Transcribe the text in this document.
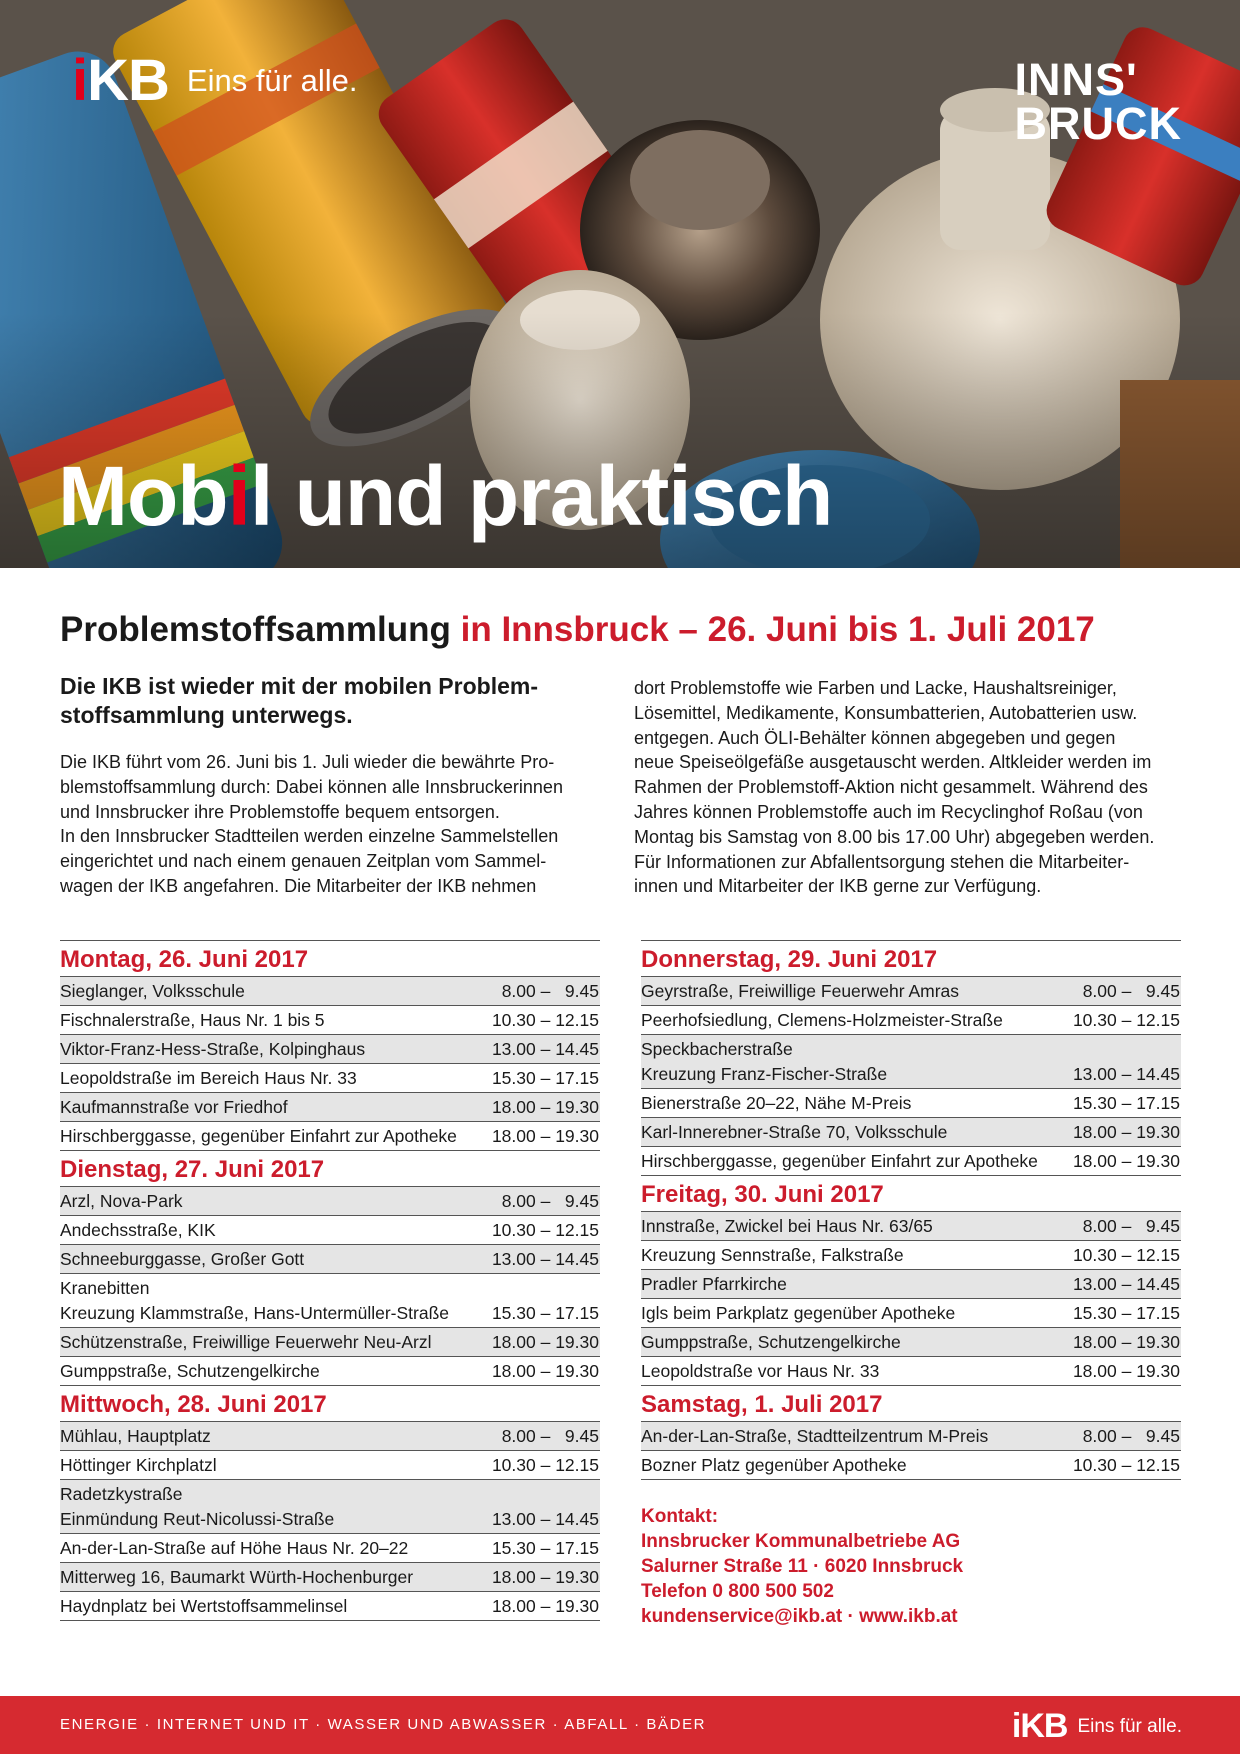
iKB Eins für alle.	INNS'
BRUCK
Mobil und praktisch
Problemstoffsammlung in Innsbruck – 26. Juni bis 1. Juli 2017

Die IKB ist wieder mit der mobilen Problem-
stoffsammlung unterwegs.

Die IKB führt vom 26. Juni bis 1. Juli wieder die bewährte Pro-
blemstoffsammlung durch: Dabei können alle Innsbruckerinnen
und Innsbrucker ihre Problemstoffe bequem entsorgen.
In den Innsbrucker Stadtteilen werden einzelne Sammelstellen
eingerichtet und nach einem genauen Zeitplan vom Sammel-
wagen der IKB angefahren. Die Mitarbeiter der IKB nehmen

dort Problemstoffe wie Farben und Lacke, Haushaltsreiniger,
Lösemittel, Medikamente, Konsumbatterien, Autobatterien usw.
entgegen. Auch ÖLI-Behälter können abgegeben und gegen
neue Speiseölgefäße ausgetauscht werden. Altkleider werden im
Rahmen der Problemstoff-Aktion nicht gesammelt. Während des
Jahres können Problemstoffe auch im Recyclinghof Roßau (von
Montag bis Samstag von 8.00 bis 17.00 Uhr) abgegeben werden.
Für Informationen zur Abfallentsorgung stehen die Mitarbeiter-
innen und Mitarbeiter der IKB gerne zur Verfügung.

Montag, 26. Juni 2017
Sieglanger, Volksschule	8.00 –   9.45
Fischnalerstraße, Haus Nr. 1 bis 5	10.30 – 12.15
Viktor-Franz-Hess-Straße, Kolpinghaus	13.00 – 14.45
Leopoldstraße im Bereich Haus Nr. 33	15.30 – 17.15
Kaufmannstraße vor Friedhof	18.00 – 19.30
Hirschberggasse, gegenüber Einfahrt zur Apotheke 18.00 – 19.30
Dienstag, 27. Juni 2017
Arzl, Nova-Park	8.00 –   9.45
Andechsstraße, KIK	10.30 – 12.15
Schneeburggasse, Großer Gott	13.00 – 14.45
Kranebitten
Kreuzung Klammstraße, Hans-Untermüller-Straße 15.30 – 17.15
Schützenstraße, Freiwillige Feuerwehr Neu-Arzl	18.00 – 19.30
Gumppstraße, Schutzengelkirche	18.00 – 19.30
Mittwoch, 28. Juni 2017
Mühlau, Hauptplatz	8.00 –   9.45
Höttinger Kirchplatzl	10.30 – 12.15
Radetzkystraße
Einmündung Reut-Nicolussi-Straße	13.00 – 14.45
An-der-Lan-Straße auf Höhe Haus Nr. 20–22	15.30 – 17.15
Mitterweg 16, Baumarkt Würth-Hochenburger	18.00 – 19.30
Haydnplatz bei Wertstoffsammelinsel	18.00 – 19.30
Donnerstag, 29. Juni 2017
Geyrstraße, Freiwillige Feuerwehr Amras	8.00 –   9.45
Peerhofsiedlung, Clemens-Holzmeister-Straße	10.30 – 12.15
Speckbacherstraße
Kreuzung Franz-Fischer-Straße	13.00 – 14.45
Bienerstraße 20–22, Nähe M-Preis	15.30 – 17.15
Karl-Innerebner-Straße 70, Volksschule	18.00 – 19.30
Hirschberggasse, gegenüber Einfahrt zur Apotheke 18.00 – 19.30
Freitag, 30. Juni 2017
Innstraße, Zwickel bei Haus Nr. 63/65	8.00 –   9.45
Kreuzung Sennstraße, Falkstraße	10.30 – 12.15
Pradler Pfarrkirche	13.00 – 14.45
Igls beim Parkplatz gegenüber Apotheke	15.30 – 17.15
Gumppstraße, Schutzengelkirche	18.00 – 19.30
Leopoldstraße vor Haus Nr. 33	18.00 – 19.30
Samstag, 1. Juli 2017
An-der-Lan-Straße, Stadtteilzentrum M-Preis	8.00 –   9.45
Bozner Platz gegenüber Apotheke	10.30 – 12.15
Kontakt:
Innsbrucker Kommunalbetriebe AG
Salurner Straße 11 · 6020 Innsbruck
Telefon 0 800 500 502
kundenservice@ikb.at · www.ikb.at
ENERGIE · INTERNET UND IT · WASSER UND ABWASSER · ABFALL · BÄDER	iKB Eins für alle.
